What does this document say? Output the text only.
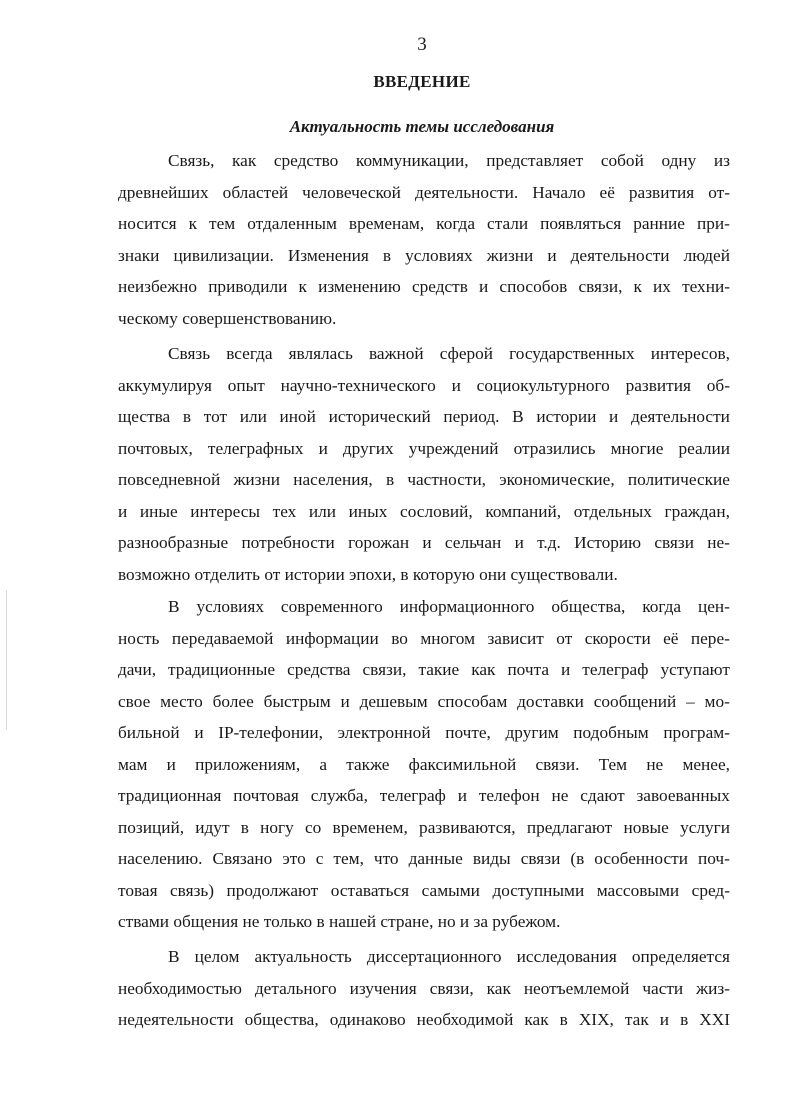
3
ВВЕДЕНИЕ
Актуальность темы исследования
Связь, как средство коммуникации, представляет собой одну из
древнейших областей человеческой деятельности. Начало её развития от-
носится к тем отдаленным временам, когда стали появляться ранние при-
знаки цивилизации. Изменения в условиях жизни и деятельности людей
неизбежно приводили к изменению средств и способов связи, к их техни-
ческому совершенствованию.
Связь всегда являлась важной сферой государственных интересов,
аккумулируя опыт научно-технического и социокультурного развития об-
щества в тот или иной исторический период. В истории и деятельности
почтовых, телеграфных и других учреждений отразились многие реалии
повседневной жизни населения, в частности, экономические, политические
и иные интересы тех или иных сословий, компаний, отдельных граждан,
разнообразные потребности горожан и сельчан и т.д. Историю связи не-
возможно отделить от истории эпохи, в которую они существовали.
В условиях современного информационного общества, когда цен-
ность передаваемой информации во многом зависит от скорости её пере-
дачи, традиционные средства связи, такие как почта и телеграф уступают
свое место более быстрым и дешевым способам доставки сообщений – мо-
бильной и IP-телефонии, электронной почте, другим подобным програм-
мам и приложениям, а также факсимильной связи. Тем не менее,
традиционная почтовая служба, телеграф и телефон не сдают завоеванных
позиций, идут в ногу со временем, развиваются, предлагают новые услуги
населению. Связано это с тем, что данные виды связи (в особенности поч-
товая связь) продолжают оставаться самыми доступными массовыми сред-
ствами общения не только в нашей стране, но и за рубежом.
В целом актуальность диссертационного исследования определяется
необходимостью детального изучения связи, как неотъемлемой части жиз-
недеятельности общества, одинаково необходимой как в XIX, так и в XXI
